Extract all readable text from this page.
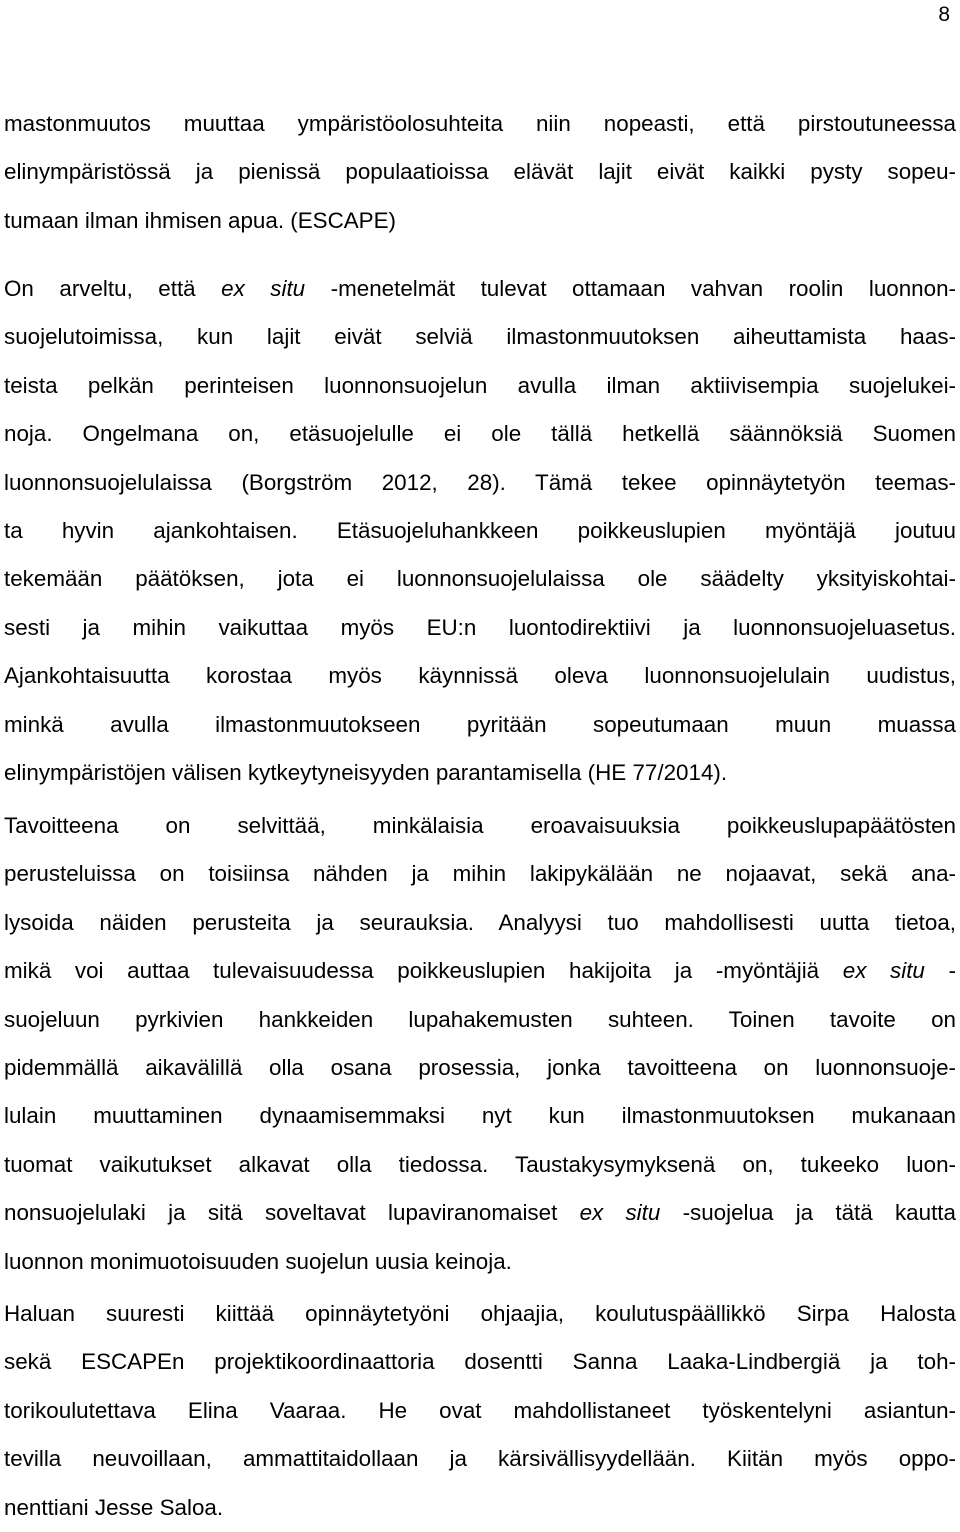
8
mastonmuutos muuttaa ympäristöolosuhteita niin nopeasti, että pirstoutuneessa
elinympäristössä ja pienissä populaatioissa elävät lajit eivät kaikki pysty sopeu-
tumaan ilman ihmisen apua. (ESCAPE)
On arveltu, että ex situ -menetelmät tulevat ottamaan vahvan roolin luonnon-
suojelutoimissa, kun lajit eivät selviä ilmastonmuutoksen aiheuttamista haas-
teista pelkän perinteisen luonnonsuojelun avulla ilman aktiivisempia suojelukei-
noja. Ongelmana on, etäsuojelulle ei ole tällä hetkellä säännöksiä Suomen
luonnonsuojelulaissa (Borgström 2012, 28). Tämä tekee opinnäytetyön teemas-
ta hyvin ajankohtaisen. Etäsuojeluhankkeen poikkeuslupien myöntäjä joutuu
tekemään päätöksen, jota ei luonnonsuojelulaissa ole säädelty yksityiskohtai-
sesti ja mihin vaikuttaa myös EU:n luontodirektiivi ja luonnonsuojeluasetus.
Ajankohtaisuutta korostaa myös käynnissä oleva luonnonsuojelulain uudistus,
minkä avulla ilmastonmuutokseen pyritään sopeutumaan muun muassa
elinympäristöjen välisen kytkeytyneisyyden parantamisella (HE 77/2014).
Tavoitteena on selvittää, minkälaisia eroavaisuuksia poikkeuslupapäätösten
perusteluissa on toisiinsa nähden ja mihin lakipykälään ne nojaavat, sekä ana-
lysoida näiden perusteita ja seurauksia. Analyysi tuo mahdollisesti uutta tietoa,
mikä voi auttaa tulevaisuudessa poikkeuslupien hakijoita ja -myöntäjiä ex situ -
suojeluun pyrkivien hankkeiden lupahakemusten suhteen. Toinen tavoite on
pidemmällä aikavälillä olla osana prosessia, jonka tavoitteena on luonnonsuoje-
lulain muuttaminen dynaamisemmaksi nyt kun ilmastonmuutoksen mukanaan
tuomat vaikutukset alkavat olla tiedossa. Taustakysymyksenä on, tukeeko luon-
nonsuojelulaki ja sitä soveltavat lupaviranomaiset ex situ -suojelua ja tätä kautta
luonnon monimuotoisuuden suojelun uusia keinoja.
Haluan suuresti kiittää opinnäytetyöni ohjaajia, koulutuspäällikkö Sirpa Halosta
sekä ESCAPEn projektikoordinaattoria dosentti Sanna Laaka-Lindbergiä ja toh-
torikoulutettava Elina Vaaraa. He ovat mahdollistaneet työskentelyni asiantun-
tevilla neuvoillaan, ammattitaidollaan ja kärsivällisyydellään. Kiitän myös oppo-
nenttiani Jesse Saloa.
